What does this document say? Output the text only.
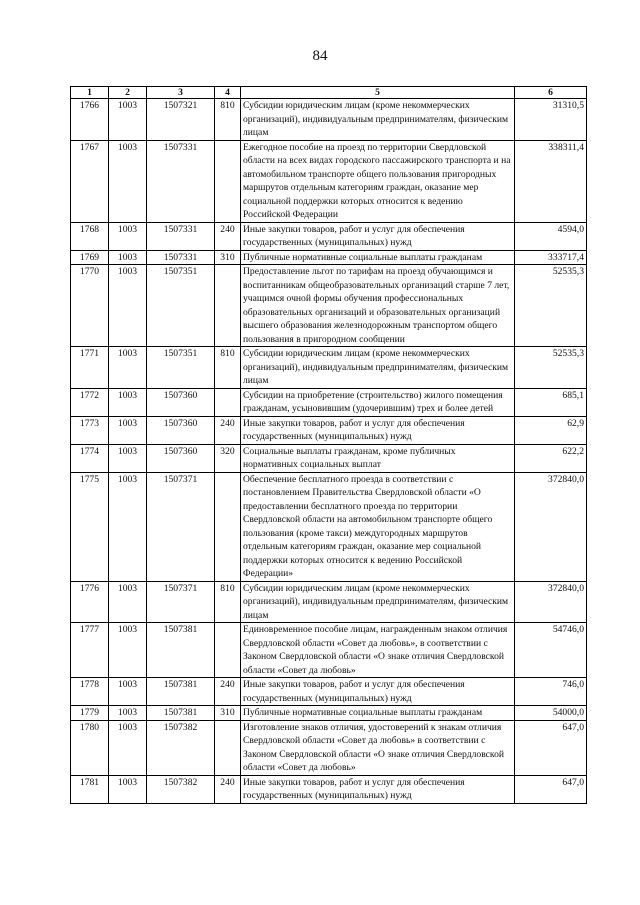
84
1	2	3	4	5	6
1766	1003	1507321	810	Субсидии юридическим лицам (кроме некоммерческих организаций), индивидуальным предпринимателям, физическим лицам	31310,5
1767	1003	1507331		Ежегодное пособие на проезд по территории Свердловской области на всех видах городского пассажирского транспорта и на автомобильном транспорте общего пользования пригородных маршрутов отдельным категориям граждан, оказание мер социальной поддержки которых относится к ведению Российской Федерации	338311,4
1768	1003	1507331	240	Иные закупки товаров, работ и услуг для обеспечения государственных (муниципальных) нужд	4594,0
1769	1003	1507331	310	Публичные нормативные социальные выплаты гражданам	333717,4
1770	1003	1507351		Предоставление льгот по тарифам на проезд обучающимся и воспитанникам общеобразовательных организаций старше 7 лет, учащимся очной формы обучения профессиональных образовательных организаций и образовательных организаций высшего образования железнодорожным транспортом общего пользования в пригородном сообщении	52535,3
1771	1003	1507351	810	Субсидии юридическим лицам (кроме некоммерческих организаций), индивидуальным предпринимателям, физическим лицам	52535,3
1772	1003	1507360		Субсидии на приобретение (строительство) жилого помещения гражданам, усыновившим (удочерившим) трех и более детей	685,1
1773	1003	1507360	240	Иные закупки товаров, работ и услуг для обеспечения государственных (муниципальных) нужд	62,9
1774	1003	1507360	320	Социальные выплаты гражданам, кроме публичных нормативных социальных выплат	622,2
1775	1003	1507371		Обеспечение бесплатного проезда в соответствии с постановлением Правительства Свердловской области «О предоставлении бесплатного проезда по территории Свердловской области на автомобильном транспорте общего пользования (кроме такси) междугородных маршрутов отдельным категориям граждан, оказание мер социальной поддержки которых относится к ведению Российской Федерации»	372840,0
1776	1003	1507371	810	Субсидии юридическим лицам (кроме некоммерческих организаций), индивидуальным предпринимателям, физическим лицам	372840,0
1777	1003	1507381		Единовременное пособие лицам, награжденным знаком отличия Свердловской области «Совет да любовь», в соответствии с Законом Свердловской области «О знаке отличия Свердловской области «Совет да любовь»	54746,0
1778	1003	1507381	240	Иные закупки товаров, работ и услуг для обеспечения государственных (муниципальных) нужд	746,0
1779	1003	1507381	310	Публичные нормативные социальные выплаты гражданам	54000,0
1780	1003	1507382		Изготовление знаков отличия, удостоверений к знакам отличия Свердловской области «Совет да любовь» в соответствии с Законом Свердловской области «О знаке отличия Свердловской области «Совет да любовь»	647,0
1781	1003	1507382	240	Иные закупки товаров, работ и услуг для обеспечения государственных (муниципальных) нужд	647,0
